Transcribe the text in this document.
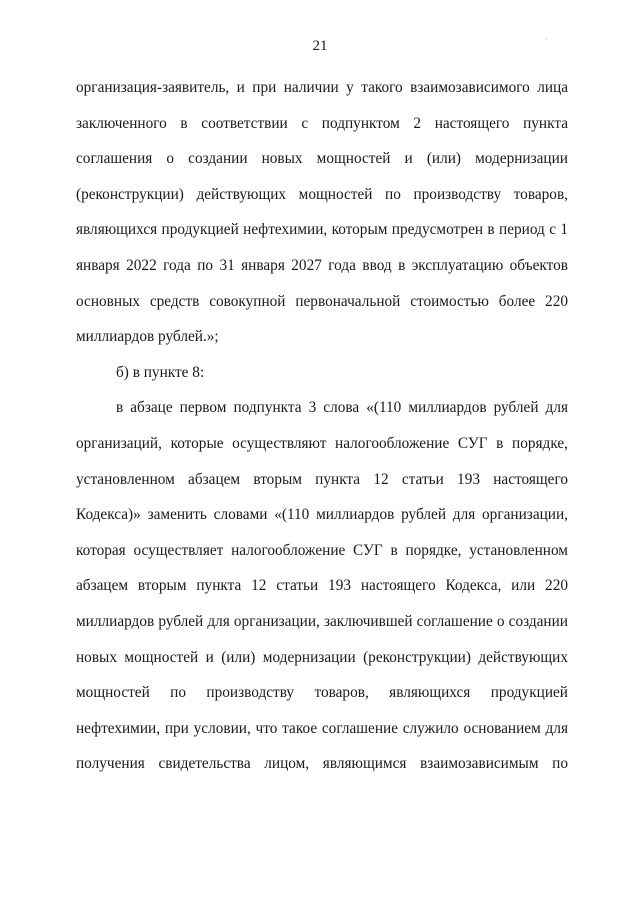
21	·
организация-заявитель, и при наличии у такого взаимозависимого лица
заключенного в соответствии с подпунктом 2 настоящего пункта
соглашения о создании новых мощностей и (или) модернизации
(реконструкции) действующих мощностей по производству товаров,
являющихся продукцией нефтехимии, которым предусмотрен в период с 1
января 2022 года по 31 января 2027 года ввод в эксплуатацию объектов
основных средств совокупной первоначальной стоимостью более 220
миллиардов рублей.»;
б) в пункте 8:
в абзаце первом подпункта 3 слова «(110 миллиардов рублей для
организаций, которые осуществляют налогообложение СУГ в порядке,
установленном абзацем вторым пункта 12 статьи 193 настоящего
Кодекса)» заменить словами «(110 миллиардов рублей для организации,
которая осуществляет налогообложение СУГ в порядке, установленном
абзацем вторым пункта 12 статьи 193 настоящего Кодекса, или 220
миллиардов рублей для организации, заключившей соглашение о создании
новых мощностей и (или) модернизации (реконструкции) действующих
мощностей по производству товаров, являющихся продукцией
нефтехимии, при условии, что такое соглашение служило основанием для
получения свидетельства лицом, являющимся взаимозависимым по
